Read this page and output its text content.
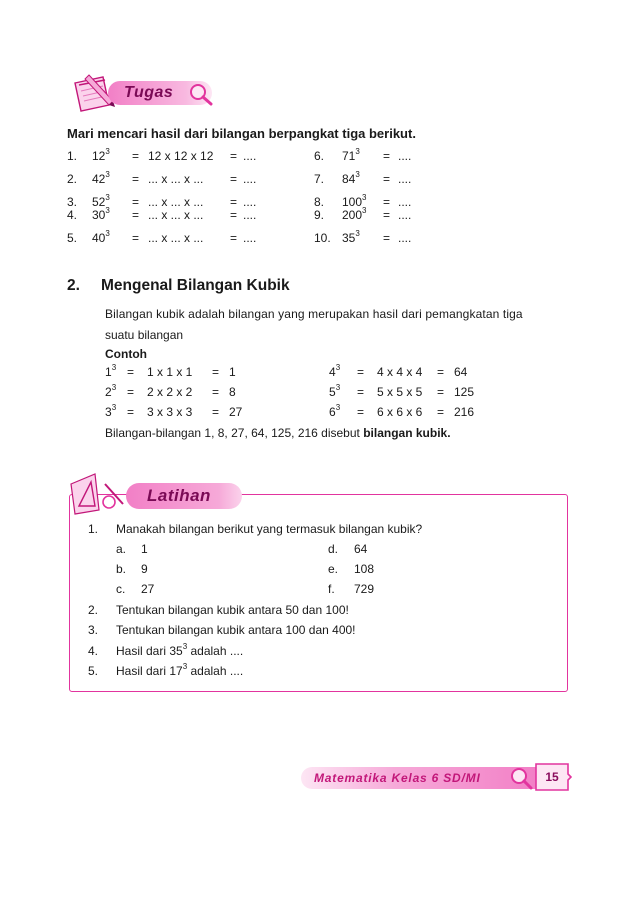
Tugas
Mari mencari hasil dari bilangan berpangkat tiga berikut.
1. $12^3 = 12$ x 12 x 12 = ....	6. $71^3$ = ....
2. $42^3$ = ... x ... x ... = ....	7. $84^3$ = ....
3. $52^3$ = ... x ... x ... = ....	8. $100^3$ = ....
4. $30^3$ = ... x ... x ... = ....	9. $200^3$ = ....
5. $40^3$ = ... x ... x ... = ....	10. $35^3$ = ....
2. Mengenal Bilangan Kubik
Bilangan kubik adalah bilangan yang merupakan hasil dari pemangkatan tiga
suatu bilangan
Contoh
$1^3 = 1$ x 1 x 1 = 1	$4^3 = 4$ x 4 x 4 = 64
$2^3 = 2$ x 2 x 2 = 8	$5^3 = 5$ x 5 x 5 = 125
$3^3 = 3$ x 3 x 3 = 27	$6^3 = 6$ x 6 x 6 = 216
Bilangan-bilangan 1, 8, 27, 64, 125, 216 disebut bilangan kubik.
Latihan
1. Manakah bilangan berikut yang termasuk bilangan kubik?
a. 1	d. 64
b. 9	e. 108
c. 27	f. 729
2. Tentukan bilangan kubik antara 50 dan 100!
3. Tentukan bilangan kubik antara 100 dan 400!
4. Hasil dari $35^3$ adalah ....
5. Hasil dari $17^3$ adalah ....
Matematika Kelas 6 SD/MI	15
